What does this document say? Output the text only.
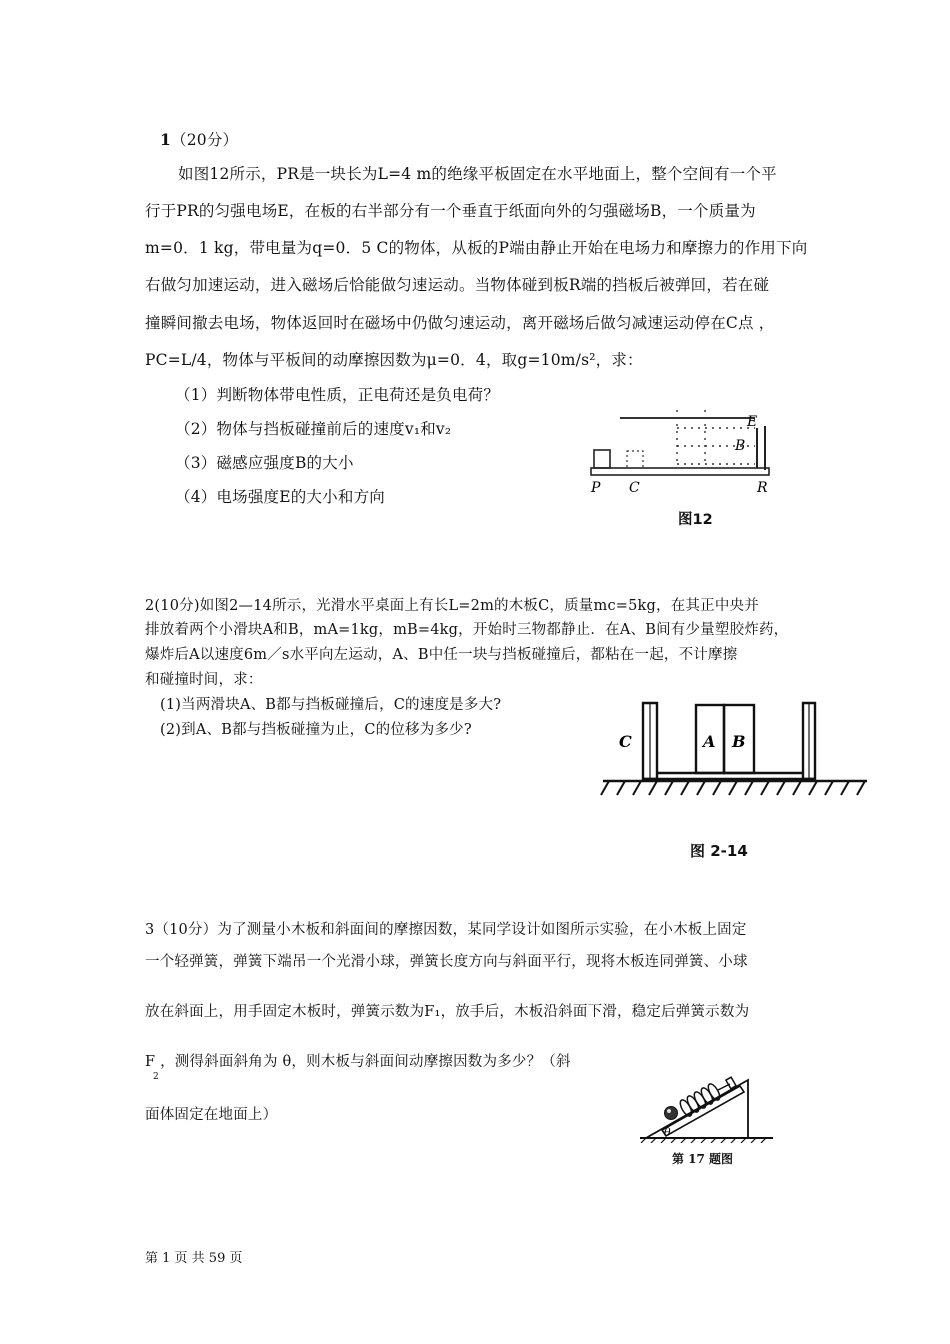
1（20分）
如图12所示，PR是一块长为L=4 m的绝缘平板固定在水平地面上，整个空间有一个平
行于PR的匀强电场E，在板的右半部分有一个垂直于纸面向外的匀强磁场B，一个质量为
m=0．1 kg，带电量为q=0．5 C的物体，从板的P端由静止开始在电场力和摩擦力的作用下向
右做匀加速运动，进入磁场后恰能做匀速运动。当物体碰到板R端的挡板后被弹回，若在碰
撞瞬间撤去电场，物体返回时在磁场中仍做匀速运动，离开磁场后做匀减速运动停在C点 ，
PC=L/4，物体与平板间的动摩擦因数为μ=0．4，取g=10m/s²，求：
（1）判断物体带电性质，正电荷还是负电荷？
（2）物体与挡板碰撞前后的速度v₁和v₂
（3）磁感应强度B的大小
（4）电场强度E的大小和方向
E
B
P C	R
图12
2(10分)如图2—14所示，光滑水平桌面上有长L=2m的木板C，质量mc=5kg，在其正中央并
排放着两个小滑块A和B，mA=1kg，mB=4kg，开始时三物都静止．在A、B间有少量塑胶炸药，
爆炸后A以速度6m／s水平向左运动，A、B中任一块与挡板碰撞后，都粘在一起，不计摩擦
和碰撞时间，求：
(1)当两滑块A、B都与挡板碰撞后，C的速度是多大?
(2)到A、B都与挡板碰撞为止，C的位移为多少?
A B
C
图 2-14
3（10分）为了测量小木板和斜面间的摩擦因数，某同学设计如图所示实验，在小木板上固定
一个轻弹簧，弹簧下端吊一个光滑小球，弹簧长度方向与斜面平行，现将木板连同弹簧、小球
放在斜面上，用手固定木板时，弹簧示数为F₁，放手后，木板沿斜面下滑，稳定后弹簧示数为
F ，测得斜面斜角为 θ，则木板与斜面间动摩擦因数为多少？（斜
2
面体固定在地面上）
θ
第 17 题图
第 1 页 共 59 页
